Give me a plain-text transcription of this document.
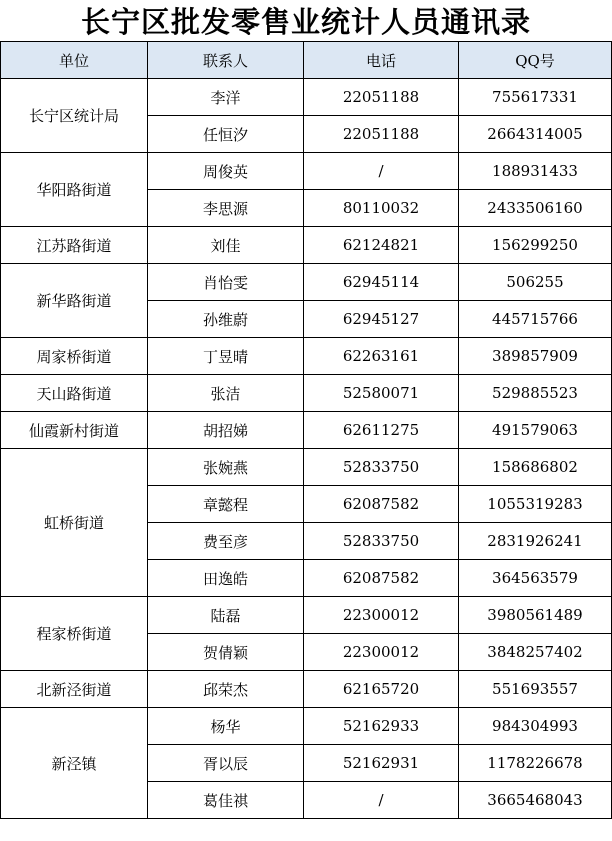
长宁区批发零售业统计人员通讯录
单位	联系人	电话	QQ号
长宁区统计局	李洋	22051188	755617331
	任恒汐	22051188	2664314005
华阳路街道	周俊英	/	188931433
	李思源	80110032	2433506160
江苏路街道	刘佳	62124821	156299250
新华路街道	肖怡雯	62945114	506255
	孙维蔚	62945127	445715766
周家桥街道	丁昱晴	62263161	389857909
天山路街道	张洁	52580071	529885523
仙霞新村街道	胡招娣	62611275	491579063
虹桥街道	张婉燕	52833750	158686802
	章懿程	62087582	1055319283
	费至彦	52833750	2831926241
	田逸皓	62087582	364563579
程家桥街道	陆磊	22300012	3980561489
	贺倩颖	22300012	3848257402
北新泾街道	邱荣杰	62165720	551693557
新泾镇	杨华	52162933	984304993
	胥以辰	52162931	1178226678
	葛佳祺	/	3665468043
